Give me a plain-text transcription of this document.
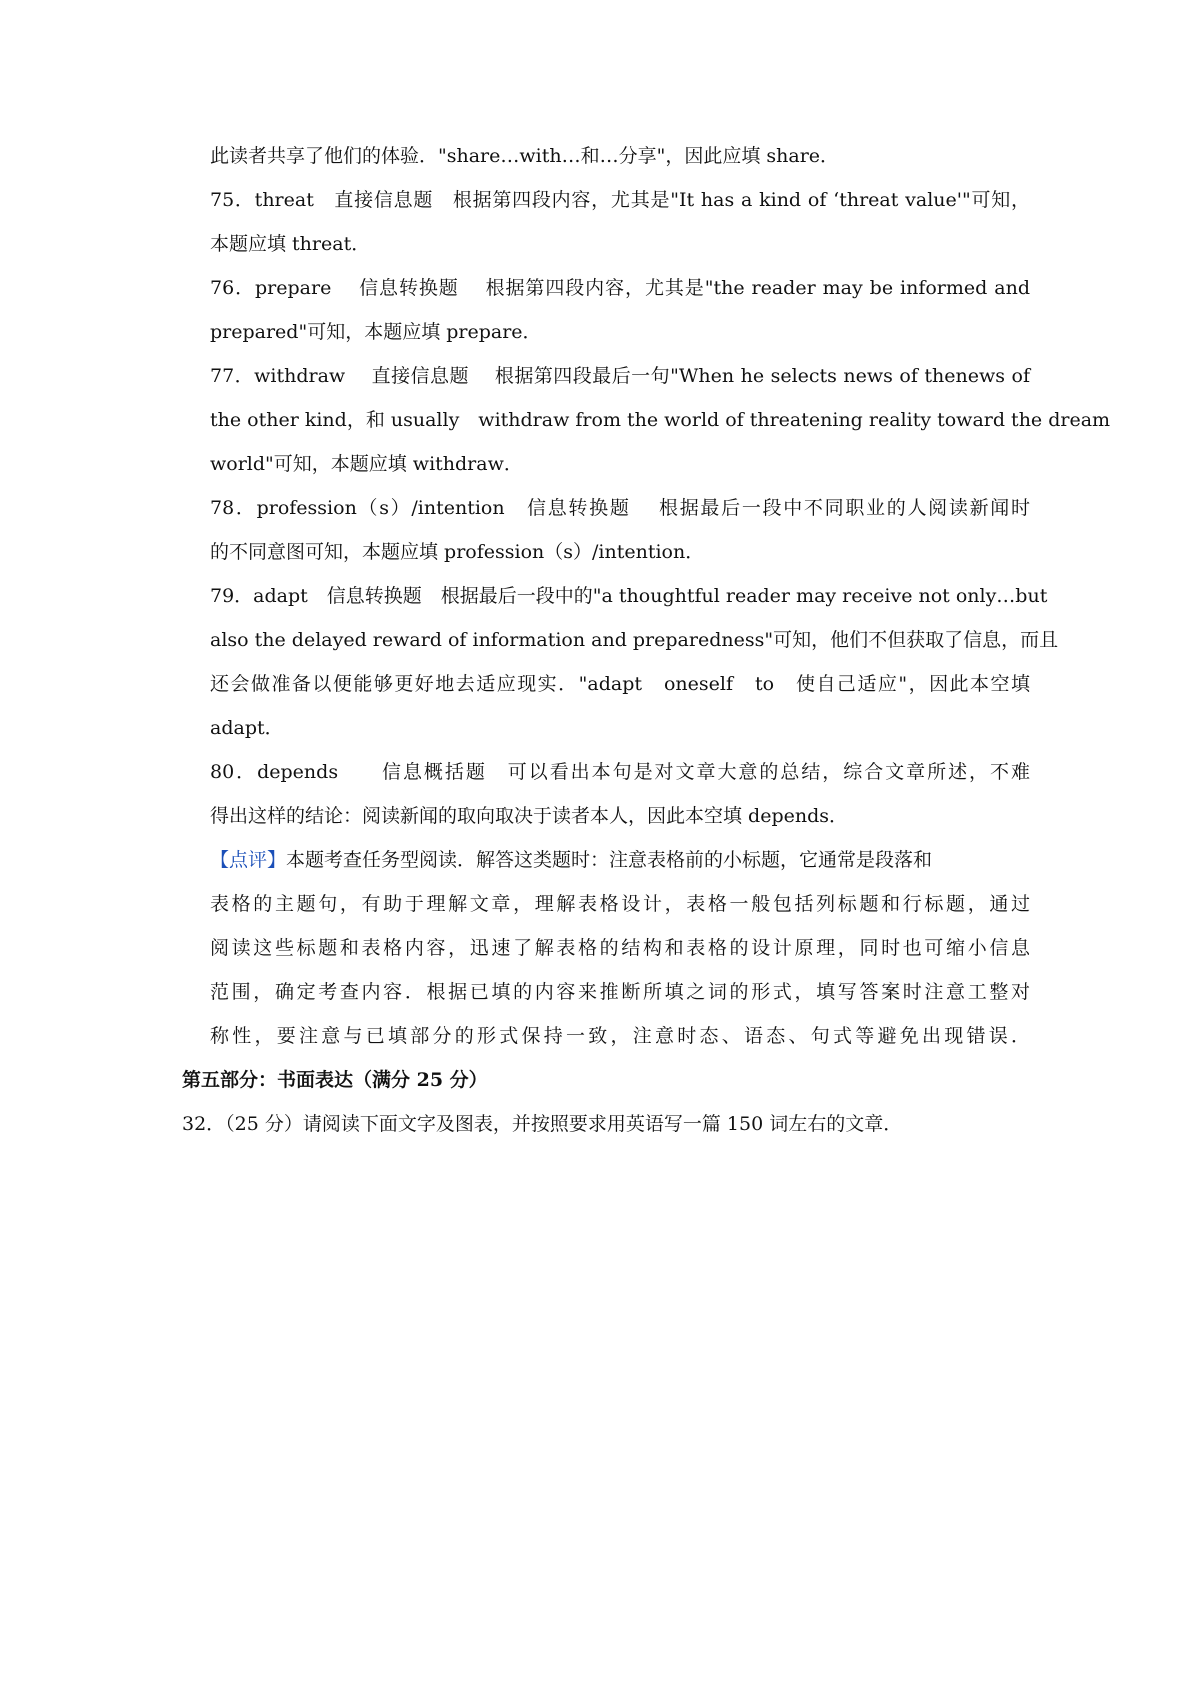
此读者共享了他们的体验．"share…with…和…分享"，因此应填 share．
75．threat　直接信息题　根据第四段内容，尤其是"It has a kind of ‘threat value'"可知，
本题应填 threat．
76．prepare　 信息转换题　 根据第四段内容，尤其是"the reader may be informed and
prepared"可知，本题应填 prepare．
77．withdraw　 直接信息题　 根据第四段最后一句"When he selects news of thenews of
the other kind，和 usually　withdraw from the world of threatening reality toward the dream
world"可知，本题应填 withdraw．
78．profession（s）/intention　信息转换题　 根据最后一段中不同职业的人阅读新闻时
的不同意图可知，本题应填 profession（s）/intention．
79．adapt　信息转换题　根据最后一段中的"a thoughtful reader may receive not only…but
also the delayed reward of information and preparedness"可知，他们不但获取了信息，而且
还会做准备以便能够更好地去适应现实．"adapt　oneself　to　使自己适应"，因此本空填
adapt．
80．depends　　信息概括题　可以看出本句是对文章大意的总结，综合文章所述，不难
得出这样的结论：阅读新闻的取向取决于读者本人，因此本空填 depends．
【点评】本题考查任务型阅读．解答这类题时：注意表格前的小标题，它通常是段落和
表格的主题句，有助于理解文章，理解表格设计，表格一般包括列标题和行标题，通过
阅读这些标题和表格内容，迅速了解表格的结构和表格的设计原理，同时也可缩小信息
范围，确定考查内容．根据已填的内容来推断所填之词的形式，填写答案时注意工整对
称性，要注意与已填部分的形式保持一致，注意时态、语态、句式等避免出现错误．
第五部分：书面表达（满分 25 分）
32．（25 分）请阅读下面文字及图表，并按照要求用英语写一篇 150 词左右的文章．
